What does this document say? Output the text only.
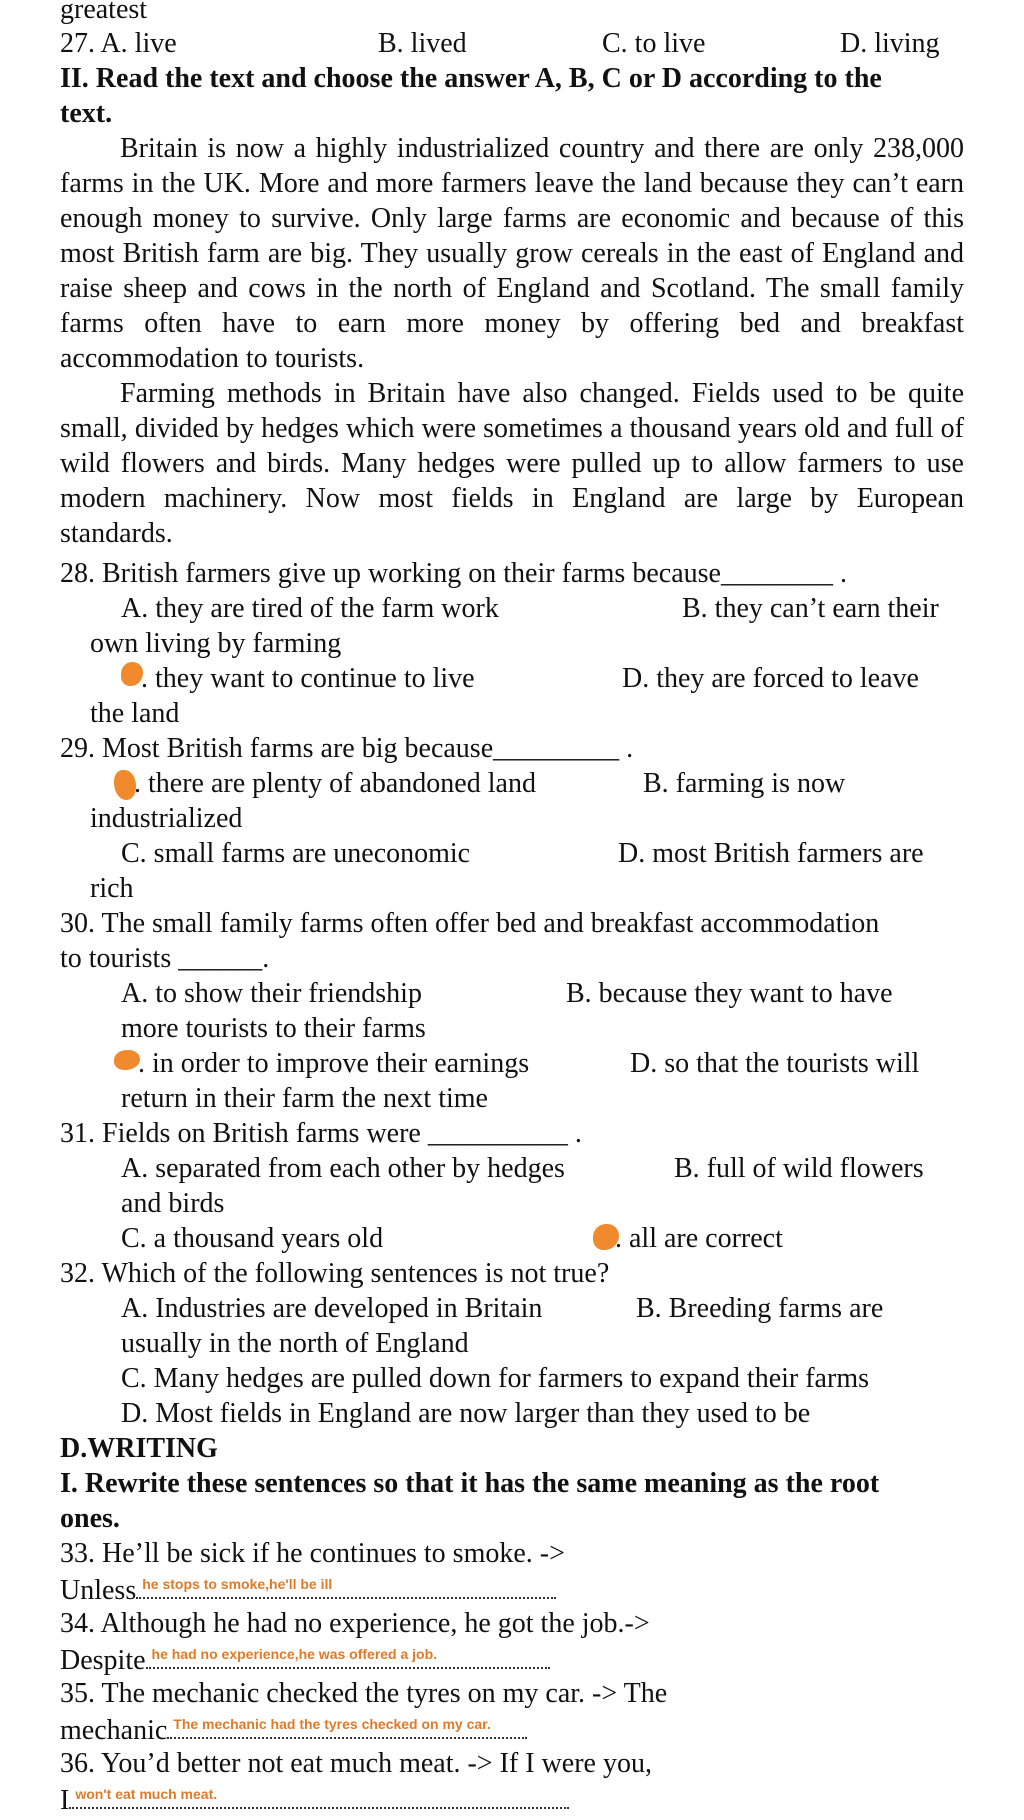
greatest
27. A. live	B. lived	C. to live	D. living
II. Read the text and choose the answer A, B, C or D according to the
text.

Britain is now a highly industrialized country and there are only 238,000 farms in the UK. More and more farmers leave the land because they can’t earn enough money to survive. Only large farms are economic and because of this most British farm are big. They usually grow cereals in the east of England and raise sheep and cows in the north of England and Scotland. The small family farms often have to earn more money by offering bed and breakfast accommodation to tourists.

Farming methods in Britain have also changed. Fields used to be quite small, divided by hedges which were sometimes a thousand years old and full of wild flowers and birds. Many hedges were pulled up to allow farmers to use modern machinery. Now most fields in England are large by European standards.

28. British farmers give up working on their farms because________ .
A. they are tired of the farm work	B. they can’t earn their
own living by farming
. they want to continue to live	D. they are forced to leave
the land
29. Most British farms are big because_________ .
. there are plenty of abandoned land	B. farming is now
industrialized
C. small farms are uneconomic	D. most British farmers are
rich
30. The small family farms often offer bed and breakfast accommodation
to tourists ______.
A. to show their friendship	B. because they want to have
more tourists to their farms
. in order to improve their earnings	D. so that the tourists will
return in their farm the next time
31. Fields on British farms were __________ .
A. separated from each other by hedges	B. full of wild flowers
and birds
C. a thousand years old	. all are correct
32. Which of the following sentences is not true?
A. Industries are developed in Britain	B. Breeding farms are
usually in the north of England
C. Many hedges are pulled down for farmers to expand their farms
D. Most fields in England are now larger than they used to be
D.WRITING
I. Rewrite these sentences so that it has the same meaning as the root
ones.
33. He’ll be sick if he continues to smoke. ->
Unless he stops to smoke,he'll be ill
34. Although he had no experience, he got the job.->
Despite he had no experience,he was offered a job.
35. The mechanic checked the tyres on my car. -> The
mechanic The mechanic had the tyres checked on my car.
36. You’d better not eat much meat. -> If I were you,
I won't eat much meat.
